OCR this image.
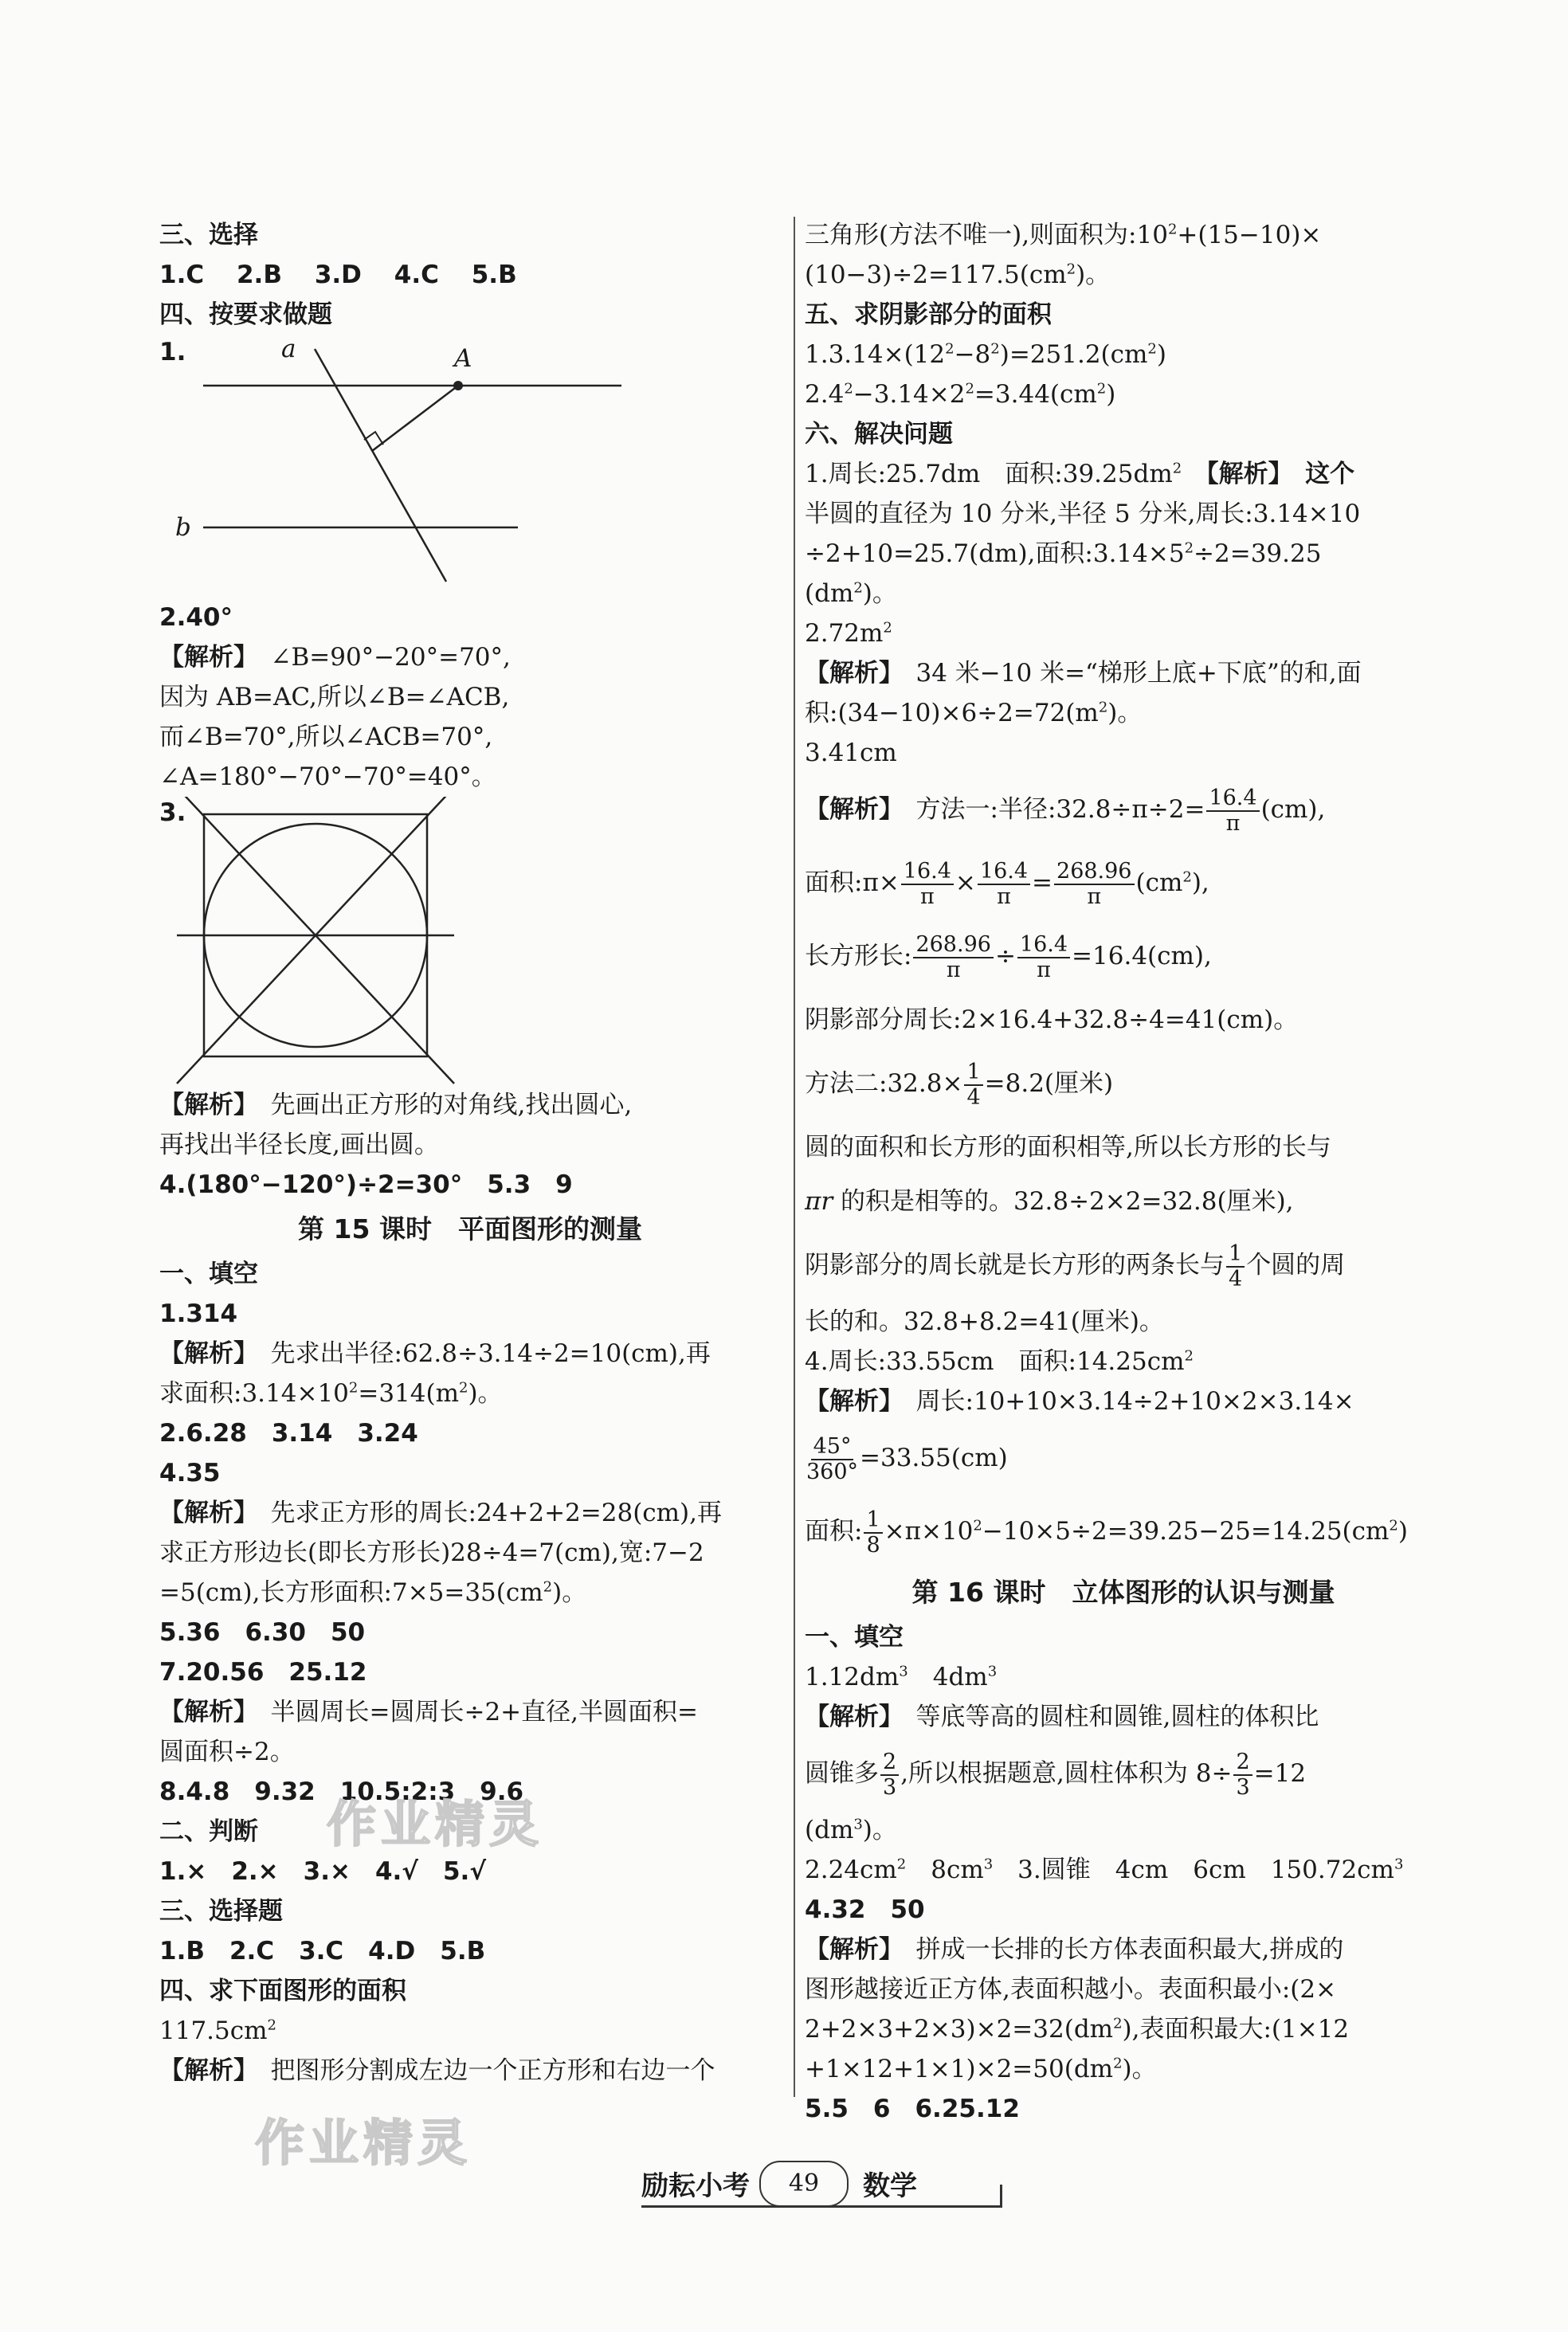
三、选择
1.C　 2.B　 3.D　 4.C　 5.B
四、按要求做题
1.	a	A
b
2.40°
【解析】　 ∠B=90°−20°=70°,
因为 AB=AC,所以∠B=∠ACB,
而∠B=70°,所以∠ACB=70°,
∠A=180°−70°−70°=40°。
3.
【解析】　 先画出正方形的对角线,找出圆心,
再找出半径长度,画出圆。
4.(180°−120°)÷2=30°　 5.3　9
第 15 课时　平面图形的测量
一、填空
1.314
【解析】　 先求出半径:62.8÷3.14÷2=10(cm),再
求面积$:3.14\times 10^2=314(m^2)$。
2.6.28　3.14　3.24
4.35
【解析】　 先求正方形的周长:24+2+2=28(cm),再
求正方形边长(即长方形长)28÷4=7(cm),宽:7−2
=5(cm),长方形面积$:7\times 5=35(cm^2)$。
5.36　6.30　50
7.20.56　25.12
【解析】　 半圆周长=圆周长÷2+直径,半圆面积=
圆面积÷2。
8.4.8　9.32　10.5:2:3　9.6
二、判断
1.×　2.×　3.×　4.√　5.√
三、选择题
1.B　2.C　3.C　4.D　5.B
四、求下面图形的面积
$117.5cm^2$
【解析】　 把图形分割成左边一个正方形和右边一个
三角形(方法不唯一),则面积为$:10^2+(15-10)\times$
$(10-3)\div 2=117.5(cm^2)$。
五、求阴影部分的面积
$1.3.14\times(12^2-8^2)=251.2(cm^2)$
$2.4^2-3.14\times 2^2=3.44(cm^2)$
六、解决问题
1.周长:25.7dm　面积$:39.25dm^2$　 【解析】　这个
半圆的直径为 10 分米,半径 5 分米,周长:3.14×10
÷2+10=25.7(dm),面积$:3.14\times 5^2\div 2=39.25$
$(dm^2)$。
$2.72m^2$
【解析】　 34 米−10 米=“梯形上底+下底”的和,面
积$:(34-10)\times 6\div 2=72(m^2)$。
3.41cm
【解析】　 方法一:半径:32.8÷π÷2= $\frac{16.4}{\pi} (cm)$,
面积:π× $\frac{16.4}{\pi} \times \frac{16.4}{\pi} = \frac{268.96}{\pi} (cm^2)$,
长方形长: $\frac{268.96}{\pi} \div \frac{16.4}{\pi} =16.4(cm)$,
阴影部分周长:2×16.4+32.8÷4=41(cm)。
方法二:32.8× $\frac{1}{4} =8.2$(厘米)
圆的面积和长方形的面积相等,所以长方形的长与
πr 的积是相等的。32.8÷2×2=32.8(厘米),
阴影部分的周长就是长方形的两条长与 $\frac{1}{4}$ 个圆的周
长的和。32.8+8.2=41(厘米)。
4.周长:33.55cm　面积$:14.25cm^2$
【解析】　 周长:10+10×3.14÷2+10×2×3.14×
$\frac{45^\circ}{360^\circ} =33.55(cm)$
面积: $\frac{1}{8} \times\pi\times 10^2-10\times 5\div 2=39.25-25=14.25(cm^2)$
第 16 课时　立体图形的认识与测量
一、填空
$1.12dm^3$　$4dm^3$
【解析】　等底等高的圆柱和圆锥,圆柱的体积比
圆锥多 $\frac{2}{3}$ ,所以根据题意,圆柱体积为 $8\div \frac{2}{3} =12$
$(dm^3)$。
$2.24cm^2$　$8cm^3$　3.圆锥　4cm　6cm　$150.72cm^3$
4.32　50
【解析】　 拼成一长排的长方体表面积最大,拼成的
图形越接近正方体,表面积越小。表面积最小:(2×
$2+2\times 3+2\times 3)\times 2=32(dm^2)$,表面积最大:(1×12
$+1\times 12+1\times 1)\times 2=50(dm^2)$。
5.5　6　6.25.12
作业精灵
作业精灵
励耘小考	49	数学
